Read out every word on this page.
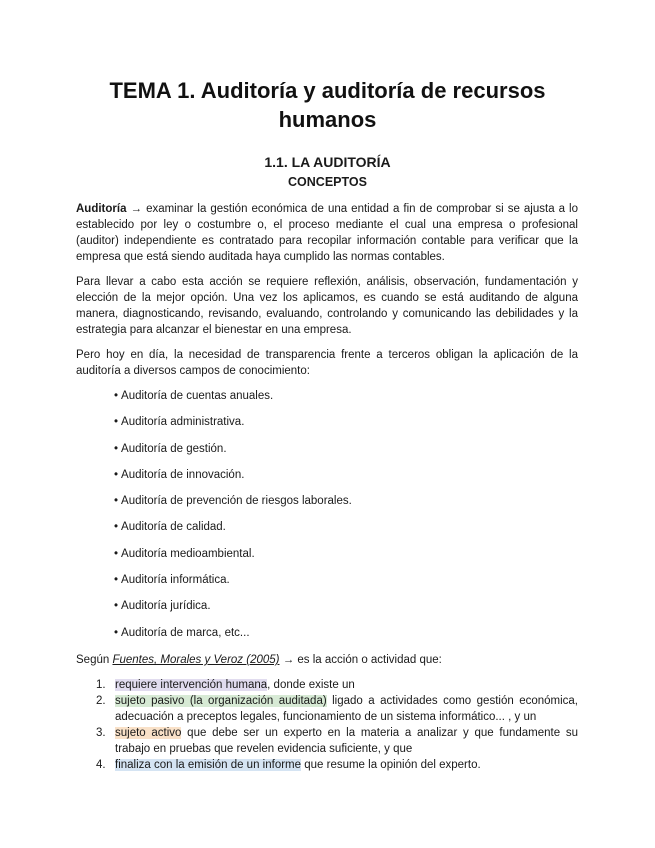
TEMA 1. Auditoría y auditoría de recursos humanos
1.1. LA AUDITORÍA
CONCEPTOS
Auditoría → examinar la gestión económica de una entidad a fin de comprobar si se ajusta a lo establecido por ley o costumbre o, el proceso mediante el cual una empresa o profesional (auditor) independiente es contratado para recopilar información contable para verificar que la empresa que está siendo auditada haya cumplido las normas contables.
Para llevar a cabo esta acción se requiere reflexión, análisis, observación, fundamentación y elección de la mejor opción. Una vez los aplicamos, es cuando se está auditando de alguna manera, diagnosticando, revisando, evaluando, controlando y comunicando las debilidades y la estrategia para alcanzar el bienestar en una empresa.
Pero hoy en día, la necesidad de transparencia frente a terceros obligan la aplicación de la auditoría a diversos campos de conocimiento:
• Auditoría de cuentas anuales.
• Auditoría administrativa.
• Auditoría de gestión.
• Auditoría de innovación.
• Auditoría de prevención de riesgos laborales.
• Auditoría de calidad.
• Auditoría medioambiental.
• Auditoría informática.
• Auditoría jurídica.
• Auditoría de marca, etc...
Según Fuentes, Morales y Veroz (2005) → es la acción o actividad que:
1. requiere intervención humana, donde existe un
2. sujeto pasivo (la organización auditada) ligado a actividades como gestión económica, adecuación a preceptos legales, funcionamiento de un sistema informático... , y un
3. sujeto activo que debe ser un experto en la materia a analizar y que fundamente su trabajo en pruebas que revelen evidencia suficiente, y que
4. finaliza con la emisión de un informe que resume la opinión del experto.
